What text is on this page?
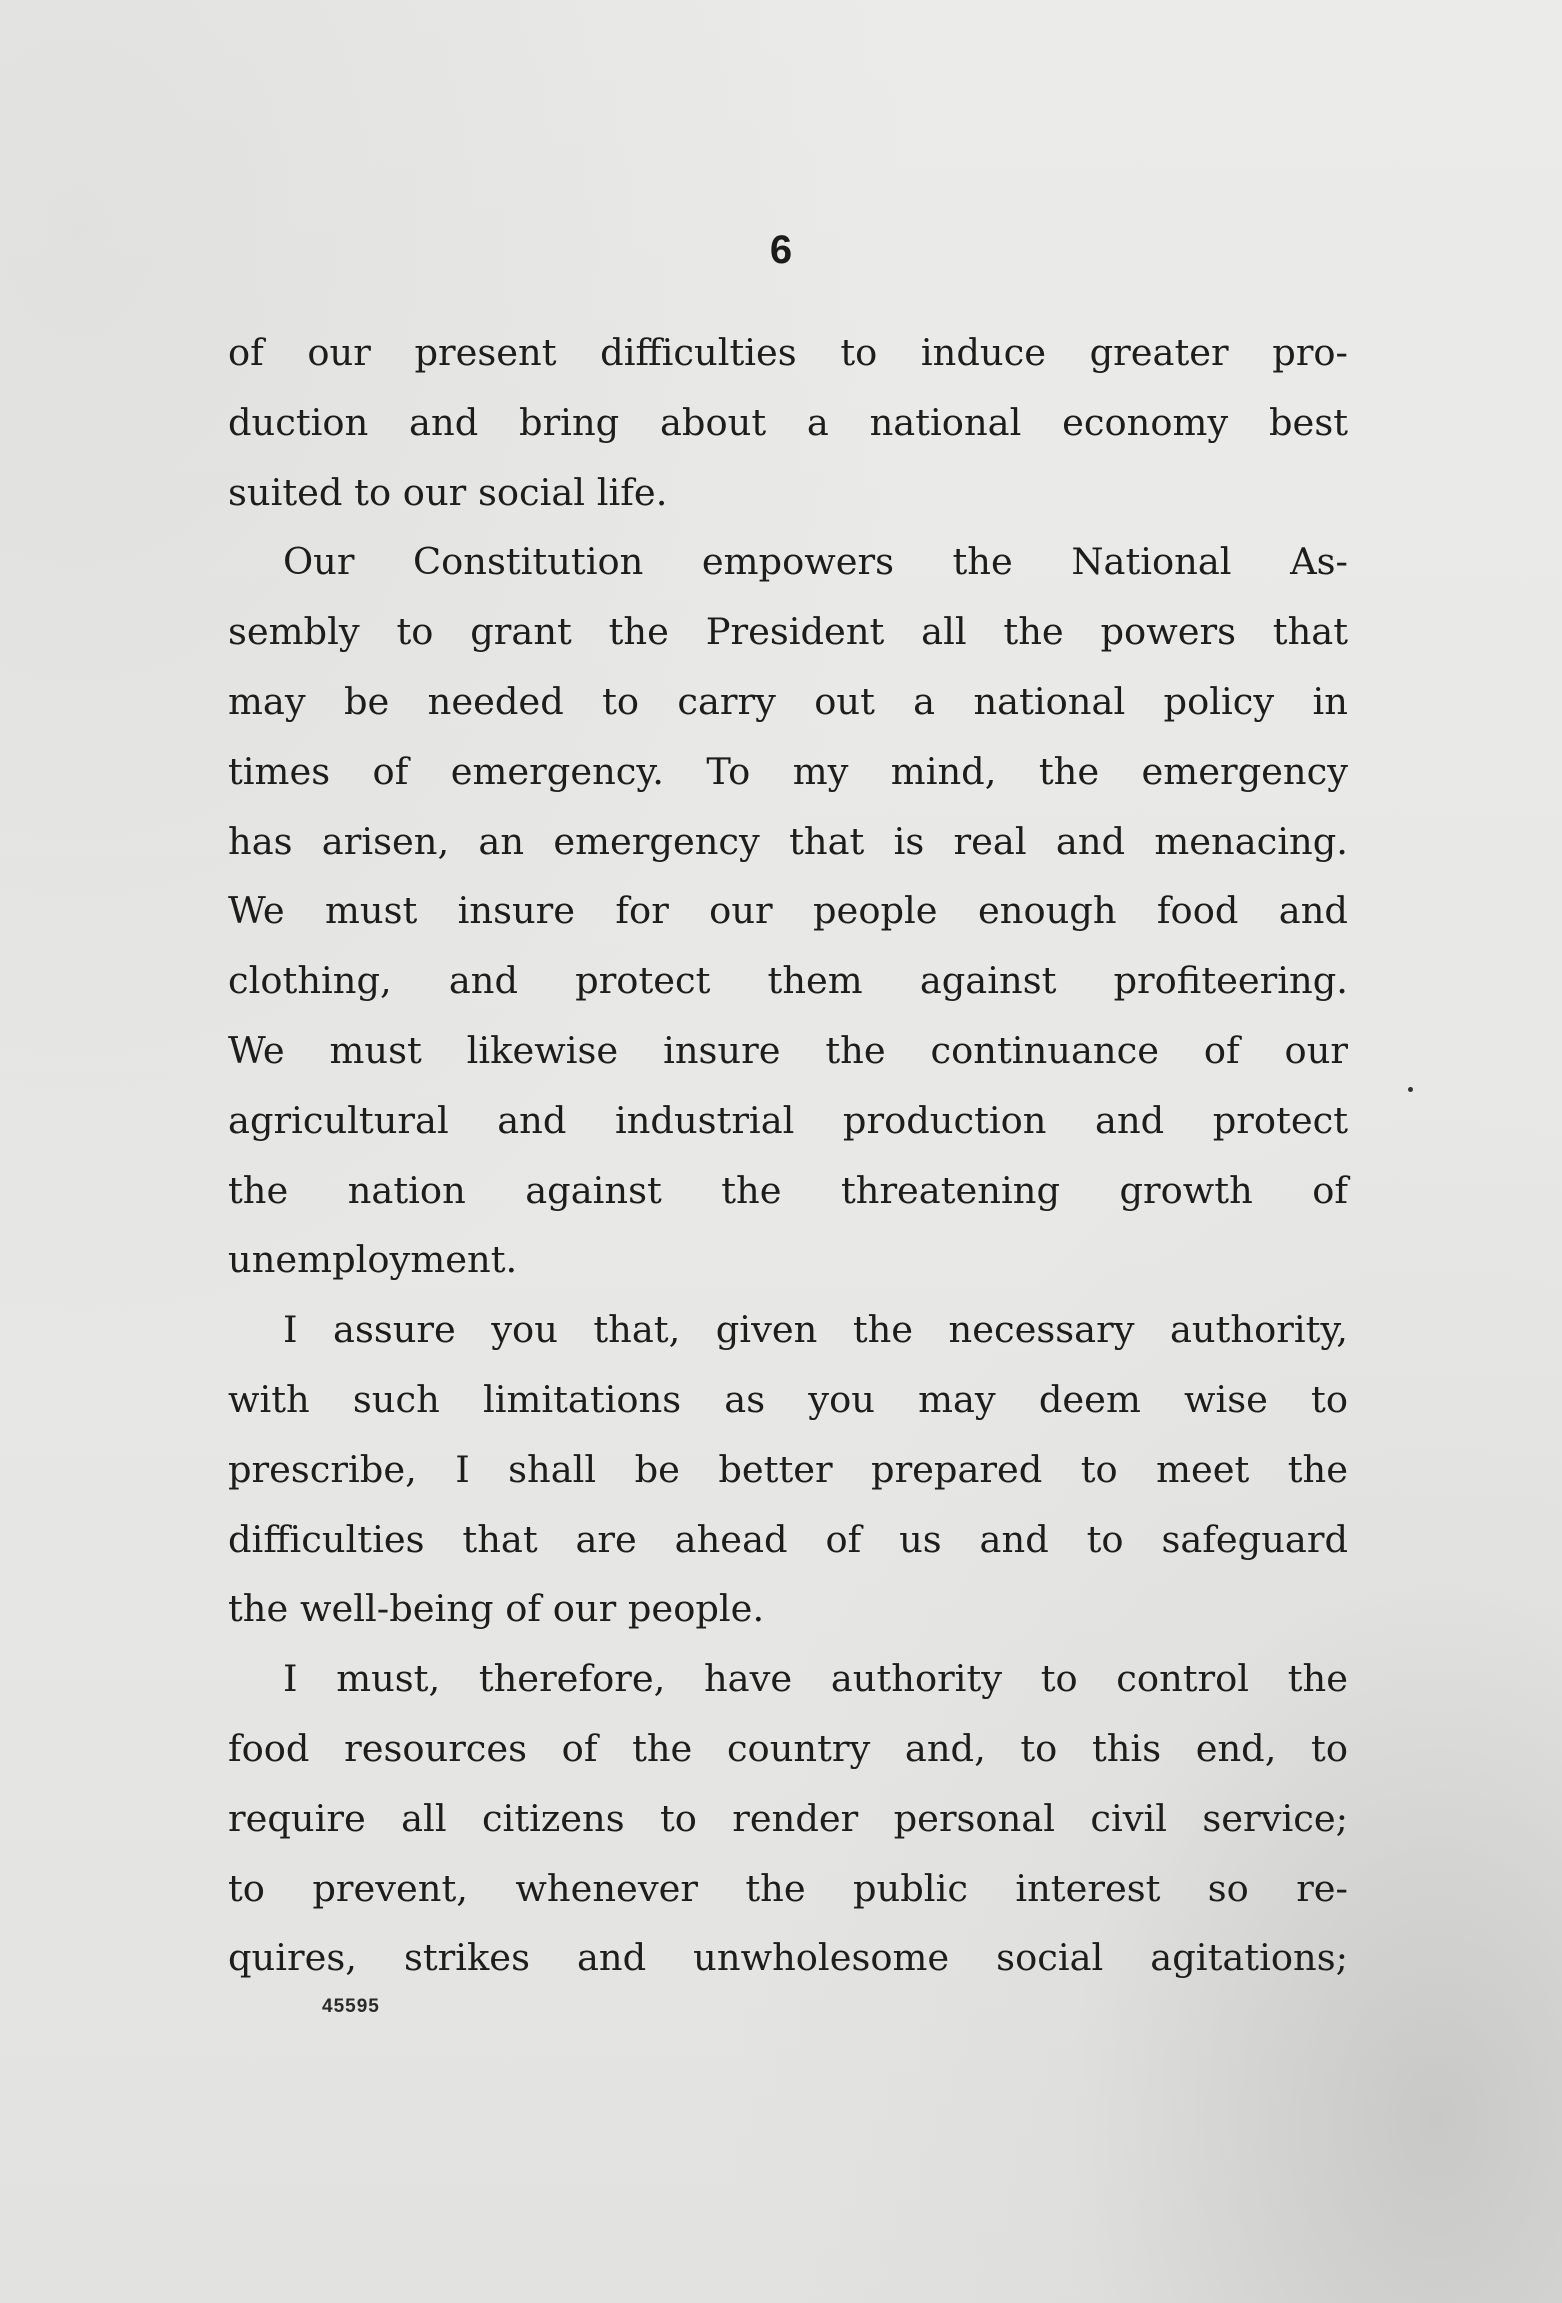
6

of our present difficulties to induce greater pro-
duction and bring about a national economy best
suited to our social life.
Our Constitution empowers the National As-
sembly to grant the President all the powers that
may be needed to carry out a national policy in
times of emergency. To my mind, the emergency
has arisen, an emergency that is real and menacing.
We must insure for our people enough food and
clothing, and protect them against profiteering.
We must likewise insure the continuance of our
agricultural and industrial production and protect
the nation against the threatening growth of
unemployment.
I assure you that, given the necessary authority,
with such limitations as you may deem wise to
prescribe, I shall be better prepared to meet the
difficulties that are ahead of us and to safeguard
the well-being of our people.
I must, therefore, have authority to control the
food resources of the country and, to this end, to
require all citizens to render personal civil service;
to prevent, whenever the public interest so re-
quires, strikes and unwholesome social agitations;

45595
